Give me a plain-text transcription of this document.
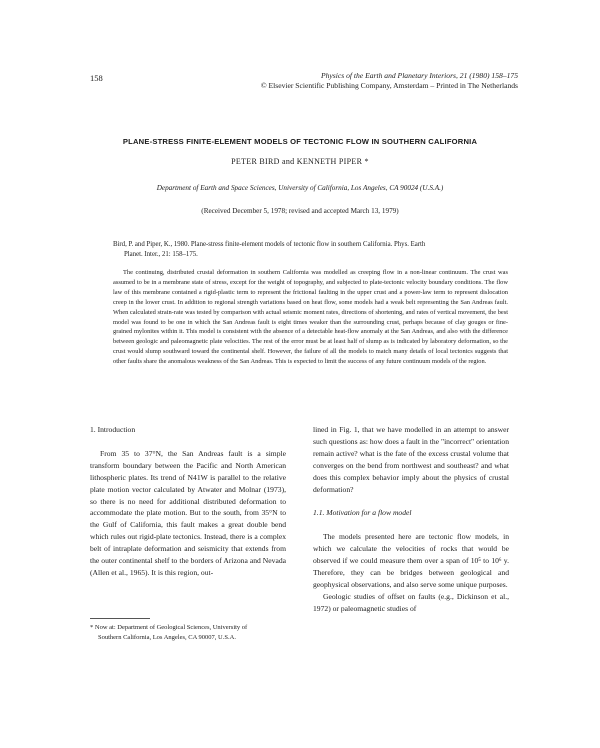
158	Physics of the Earth and Planetary Interiors, 21 (1980) 158–175
© Elsevier Scientific Publishing Company, Amsterdam – Printed in The Netherlands
PLANE-STRESS FINITE-ELEMENT MODELS OF TECTONIC FLOW IN SOUTHERN CALIFORNIA
PETER BIRD and KENNETH PIPER *
Department of Earth and Space Sciences, University of California, Los Angeles, CA 90024 (U.S.A.)
(Received December 5, 1978; revised and accepted March 13, 1979)
Bird, P. and Piper, K., 1980. Plane-stress finite-element models of tectonic flow in southern California. Phys. Earth
Planet. Inter., 21: 158–175.

The continuing, distributed crustal deformation in southern California was modelled as creeping flow in a non-linear continuum. The crust was assumed to be in a membrane state of stress, except for the weight of topography, and subjected to plate-tectonic velocity boundary conditions. The flow law of this membrane contained a rigid-plastic term to represent the frictional faulting in the upper crust and a power-law term to represent dislocation creep in the lower crust. In addition to regional strength variations based on heat flow, some models had a weak belt representing the San Andreas fault. When calculated strain-rate was tested by comparison with actual seismic moment rates, directions of shortening, and rates of vertical movement, the best model was found to be one in which the San Andreas fault is eight times weaker than the surrounding crust, perhaps because of clay gouges or fine-grained mylonites within it. This model is consistent with the absence of a detectable heat-flow anomaly at the San Andreas, and also with the difference between geologic and paleomagnetic plate velocities. The rest of the error must be at least half of slump as is indicated by laboratory deformation, so the crust would slump southward toward the continental shelf. However, the failure of all the models to match many details of local tectonics suggests that other faults share the anomalous weakness of the San Andreas. This is expected to limit the success of any future continuum models of the region.

1. Introduction

From 35 to 37°N, the San Andreas fault is a simple transform boundary between the Pacific and North American lithospheric plates. Its trend of N41W is parallel to the relative plate motion vector calculated by Atwater and Molnar (1973), so there is no need for additional distributed deformation to accommodate the plate motion. But to the south, from 35°N to the Gulf of California, this fault makes a great double bend which rules out rigid-plate tectonics. Instead, there is a complex belt of intraplate deformation and seismicity that extends from the outer continental shelf to the borders of Arizona and Nevada (Allen et al., 1965). It is this region, out-

lined in Fig. 1, that we have modelled in an attempt to answer such questions as: how does a fault in the "incorrect" orientation remain active? what is the fate of the excess crustal volume that converges on the bend from northwest and southeast? and what does this complex behavior imply about the physics of crustal deformation?

1.1. Motivation for a flow model

The models presented here are tectonic flow models, in which we calculate the velocities of rocks that would be observed if we could measure them over a span of 10⁵ to 10⁶ y. Therefore, they can be bridges between geological and geophysical observations, and also serve some unique purposes.

Geologic studies of offset on faults (e.g., Dickinson et al., 1972) or paleomagnetic studies of

* Now at: Department of Geological Sciences, University of
Southern California, Los Angeles, CA 90007, U.S.A.
